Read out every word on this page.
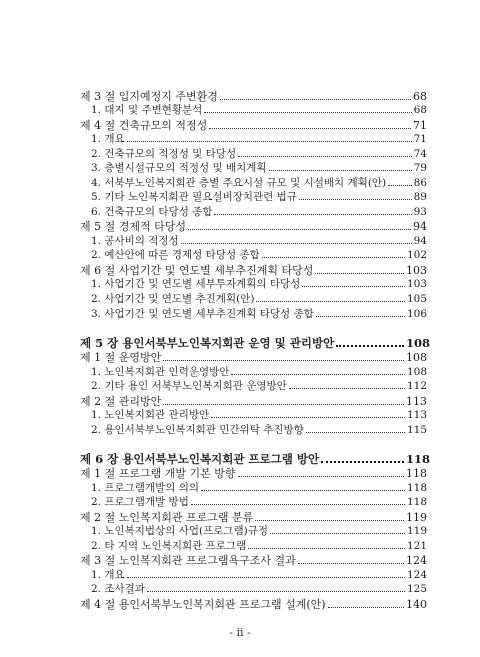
제 3 절 입지예정지 주변환경	68
1. 대지 및 주변현황분석	68
제 4 절 건축규모의 적정성	71
1. 개요	71
2. 건축규모의 적정성 및 타당성	74
3. 층별시설규모의 적정성 및 배치계획	79
4. 서북부노인복지회관 층별 주요시설 규모 및 시설배치 계획(안)	86
5. 기타 노인복지회관 필요설비장치관련 법규	89
6. 건축규모의 타당성 종합	93
제 5 절 경제적 타당성	94
1. 공사비의 적정성	94
2. 예산안에 따른 경제성 타당성 종합	102
제 6 절 사업기간 및 연도별 세부추진계획 타당성	103
1. 사업기간 및 연도별 세부투자계획의 타당성	103
2. 사업기간 및 연도별 추진계획(안)	105
3. 사업기간 및 연도별 세부추진계획 타당성 종합	106
제 5 장 용인서북부노인복지회관 운영 및 관리방안	108
제 1 절 운영방안	108
1. 노인복지회관 인력운영방안	108
2. 기타 용인 서북부노인복지회관 운영방안	112
제 2 절 관리방안	113
1. 노인복지회관 관리방안	113
2. 용인서북부노인복지회관 민간위탁 추진방향	115
제 6 장 용인서북부노인복지회관 프로그램 방안	118
제 1 절 프로그램 개발 기본 방향	118
1. 프로그램개발의 의의	118
2. 프로그램개발 방법	118
제 2 절 노인복지회관 프로그램 분류	119
1. 노인복지법상의 사업(프로그램)규정	119
2. 타 지역 노인복지회관 프로그램	121
제 3 절 노인복지회관 프로그램욕구조사 결과	124
1. 개요	124
2. 조사결과	125
제 4 절 용인서북부노인복지회관 프로그램 설계(안)	140
- ii -
